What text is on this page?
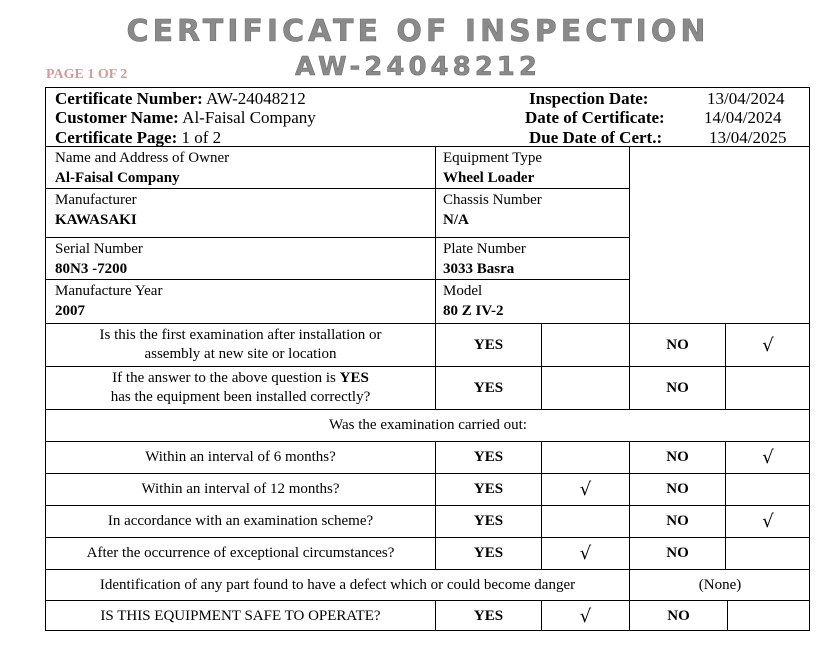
CERTIFICATE OF INSPECTION
AW-24048212
PAGE 1 OF 2
Certificate Number: AW-24048212
Customer Name: Al-Faisal Company
Certificate Page: 1 of 2
Inspection Date:	13/04/2024
Date of Certificate: 14/04/2024
Due Date of Cert.:	13/04/2025
Name and Address of Owner
Al-Faisal Company
Equipment Type
Wheel Loader
Manufacturer
KAWASAKI
Chassis Number
N/A
Serial Number
80N3 -7200
Plate Number
3033 Basra
Manufacture Year
2007
Model
80 Z IV-2
Is this the first examination after installation or
assembly at new site or location
YES	NO	√
If the answer to the above question is YES
has the equipment been installed correctly?
YES	NO
Was the examination carried out:
Within an interval of 6 months?	YES	NO	√
Within an interval of 12 months?	YES	√	NO
In accordance with an examination scheme?	YES	NO	√
After the occurrence of exceptional circumstances?	YES	√	NO
Identification of any part found to have a defect which or could become danger	(None)
IS THIS EQUIPMENT SAFE TO OPERATE?	YES	√	NO
